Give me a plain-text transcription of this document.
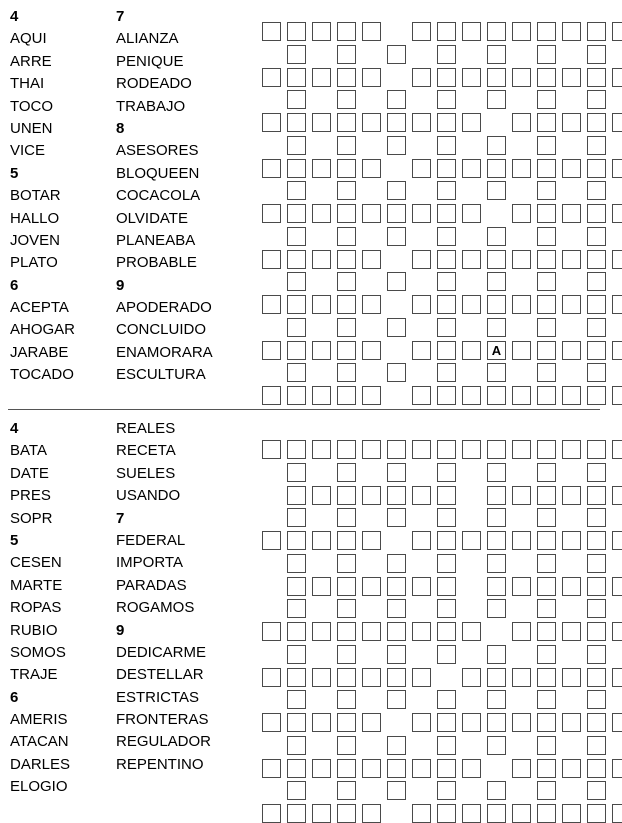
4
AQUI
ARRE
THAI
TOCO
UNEN
VICE
5
BOTAR
HALLO
JOVEN
PLATO
6
ACEPTA
AHOGAR
JARABE
TOCADO
7
ALIANZA
PENIQUE
RODEADO
TRABAJO
8
ASESORES
BLOQUEEN
COCACOLA
OLVIDATE
PLANEABA
PROBABLE
9
APODERADO
CONCLUIDO
ENAMORARA
ESCULTURA
A
4
BATA
DATE
PRES
SOPR
5
CESEN
MARTE
ROPAS
RUBIO
SOMOS
TRAJE
6
AMERIS
ATACAN
DARLES
ELOGIO
REALES
RECETA
SUELES
USANDO
7
FEDERAL
IMPORTA
PARADAS
ROGAMOS
9
DEDICARME
DESTELLAR
ESTRICTAS
FRONTERAS
REGULADOR
REPENTINO
